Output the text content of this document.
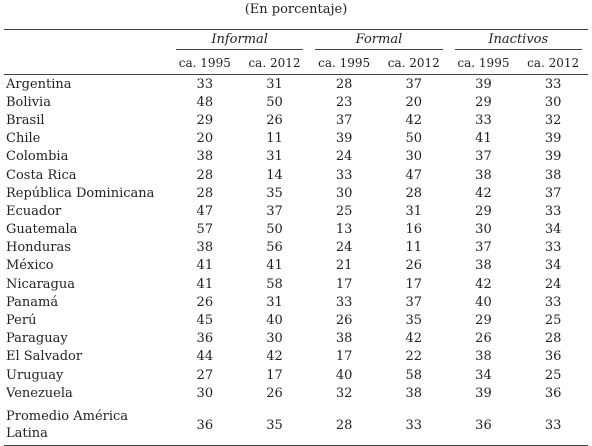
(En porcentaje)

	Informal		Formal		Inactivos	

	ca. 1995	ca. 2012	ca. 1995	ca. 2012	ca. 1995	ca. 2012
Argentina	33	31	28	37	39	33
Bolivia	48	50	23	20	29	30
Brasil	29	26	37	42	33	32
Chile	20	11	39	50	41	39
Colombia	38	31	24	30	37	39
Costa Rica	28	14	33	47	38	38
República Dominicana	28	35	30	28	42	37
Ecuador	47	37	25	31	29	33
Guatemala	57	50	13	16	30	34
Honduras	38	56	24	11	37	33
México	41	41	21	26	38	34
Nicaragua	41	58	17	17	42	24
Panamá	26	31	33	37	40	33
Perú	45	40	26	35	29	25
Paraguay	36	30	38	42	26	28
El Salvador	44	42	17	22	38	36
Uruguay	27	17	40	58	34	25
Venezuela	30	26	32	38	39	36

Promedio América Latina	36	35	28	33	36	33
